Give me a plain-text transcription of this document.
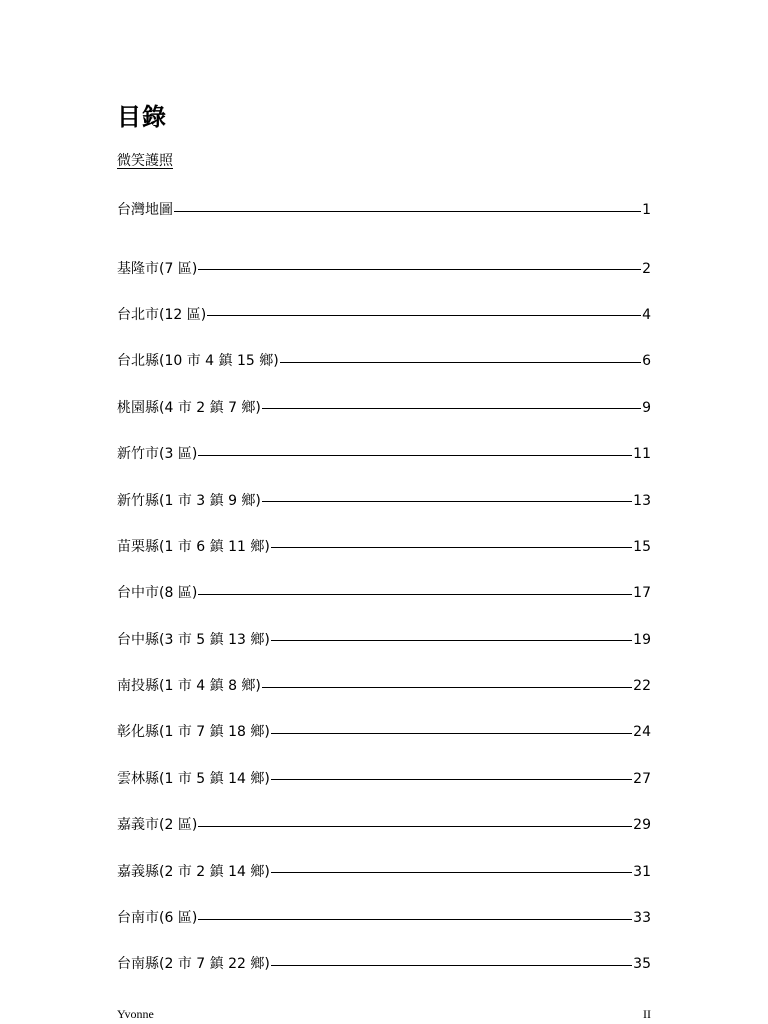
目錄
微笑護照
台灣地圖	1
基隆市(7 區)	2
台北市(12 區)	4
台北縣(10 市 4 鎮 15 鄉)	6
桃園縣(4 市 2 鎮 7 鄉)	9
新竹市(3 區)	11
新竹縣(1 市 3 鎮 9 鄉)	13
苗栗縣(1 市 6 鎮 11 鄉)	15
台中市(8 區)	17
台中縣(3 市 5 鎮 13 鄉)	19
南投縣(1 市 4 鎮 8 鄉)	22
彰化縣(1 市 7 鎮 18 鄉)	24
雲林縣(1 市 5 鎮 14 鄉)	27
嘉義市(2 區)	29
嘉義縣(2 市 2 鎮 14 鄉)	31
台南市(6 區)	33
台南縣(2 市 7 鎮 22 鄉)	35
Yvonne	II
